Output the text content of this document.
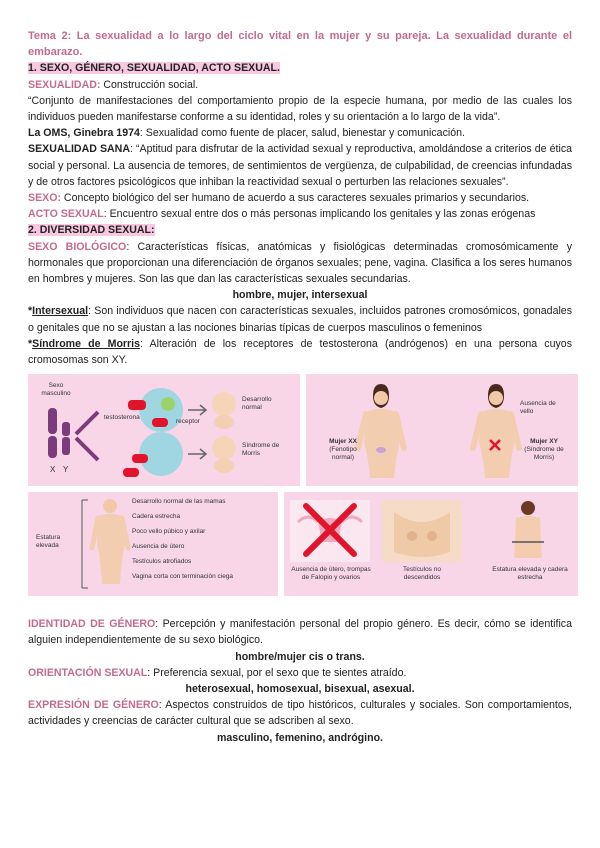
Tema 2: La sexualidad a lo largo del ciclo vital en la mujer y su pareja. La sexualidad durante el embarazo.

1. SEXO, GÉNERO, SEXUALIDAD, ACTO SEXUAL.

SEXUALIDAD: Construcción social.

“Conjunto de manifestaciones del comportamiento propio de la especie humana, por medio de las cuales los individuos pueden manifestarse conforme a su identidad, roles y su orientación a lo largo de la vida”.

La OMS, Ginebra 1974: Sexualidad como fuente de placer, salud, bienestar y comunicación.

SEXUALIDAD SANA: “Aptitud para disfrutar de la actividad sexual y reproductiva, amoldándose a criterios de ética social y personal. La ausencia de temores, de sentimientos de vergüenza, de culpabilidad, de creencias infundadas y de otros factores psicológicos que inhiban la reactividad sexual o perturben las relaciones sexuales”.

SEXO: Concepto biológico del ser humano de acuerdo a sus caracteres sexuales primarios y secundarios.

ACTO SEXUAL: Encuentro sexual entre dos o más personas implicando los genitales y las zonas erógenas

2. DIVERSIDAD SEXUAL:

SEXO BIOLÓGICO: Características físicas, anatómicas y fisiológicas determinadas cromosómicamente y hormonales que proporcionan una diferenciación de órganos sexuales; pene, vagina. Clasifica a los seres humanos en hombres y mujeres. Son las que dan las características sexuales secundarias.

hombre, mujer, intersexual

*Intersexual: Son individuos que nacen con características sexuales, incluidos patrones cromosómicos, gonadales o genitales que no se ajustan a las nociones binarias típicas de cuerpos masculinos o femeninos

*Síndrome de Morris: Alteración de los receptores de testosterona (andrógenos) en una persona cuyos cromosomas son XY.

Sexo masculino
testosterona
receptor
X Y
Desarrollo normal
Síndrome de Morris
Mujer XX
(Fenotipo normal)
Mujer XY
(Síndrome de Morris)
Ausencia de vello
Estatura elevada
Desarrollo normal de las mamas
Cadera estrecha
Poco vello púbico y axilar
Ausencia de útero
Testículos atrofiados
Vagina corta con terminación ciega
Ausencia de útero, trompas de Falopio y ovarios
Testículos no descendidos
Estatura elevada y cadera estrecha

IDENTIDAD DE GÉNERO: Percepción y manifestación personal del propio género. Es decir, cómo se identifica alguien independientemente de su sexo biológico.

hombre/mujer cis o trans.

ORIENTACIÓN SEXUAL: Preferencia sexual, por el sexo que te sientes atraído.

heterosexual, homosexual, bisexual, asexual.

EXPRESIÓN DE GÉNERO: Aspectos construidos de tipo históricos, culturales y sociales. Son comportamientos, actividades y creencias de carácter cultural que se adscriben al sexo.

masculino, femenino, andrógino.
